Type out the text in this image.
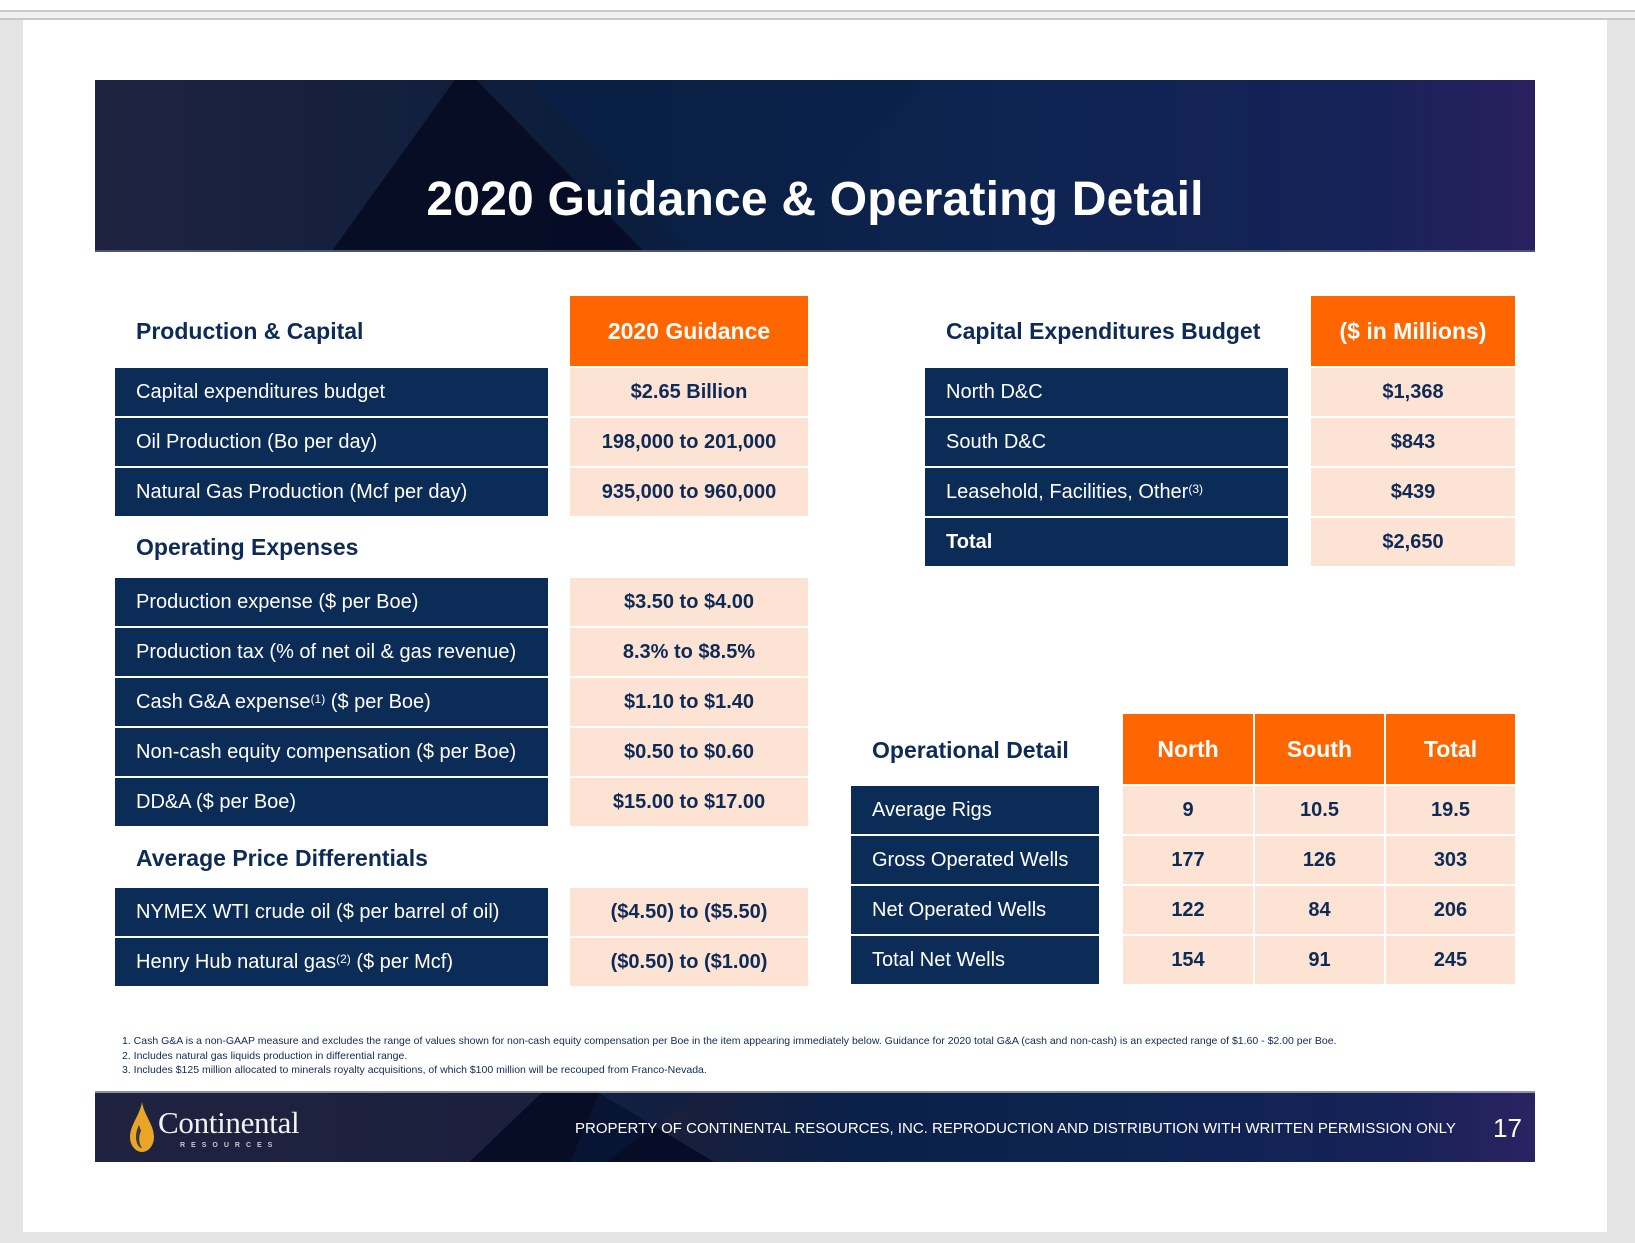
2020 Guidance & Operating Detail
Production & Capital	2020 Guidance
Capital expenditures budget	$2.65 Billion
Oil Production (Bo per day)	198,000 to 201,000
Natural Gas Production (Mcf per day)	935,000 to 960,000
Operating Expenses
Production expense ($ per Boe)	$3.50 to $4.00
Production tax (% of net oil & gas revenue)	8.3% to $8.5%
Cash G&A expense$^{(1)}$ ($ per Boe)	$1.10 to $1.40
Non-cash equity compensation ($ per Boe)	$0.50 to $0.60
DD&A ($ per Boe)	$15.00 to $17.00
Average Price Differentials
NYMEX WTI crude oil ($ per barrel of oil)	($4.50) to ($5.50)
Henry Hub natural gas$^{(2)}$ ($ per Mcf)	($0.50) to ($1.00)
Capital Expenditures Budget	($ in Millions)
North D&C	$1,368
South D&C	$843
Leasehold, Facilities, Other$^{(3)}$	$439
Total	$2,650
Operational Detail	North	South	Total
Average Rigs	9	10.5	19.5
Gross Operated Wells	177	126	303
Net Operated Wells	122	84	206
Total Net Wells	154	91	245
1. Cash G&A is a non-GAAP measure and excludes the range of values shown for non-cash equity compensation per Boe in the item appearing immediately below. Guidance for 2020 total G&A (cash and non-cash) is an expected range of $1.60 - $2.00 per Boe.
2. Includes natural gas liquids production in differential range.
3. Includes $125 million allocated to minerals royalty acquisitions, of which $100 million will be recouped from Franco-Nevada.
Continental
RESOURCES
PROPERTY OF CONTINENTAL RESOURCES, INC. REPRODUCTION AND DISTRIBUTION WITH WRITTEN PERMISSION ONLY 17
